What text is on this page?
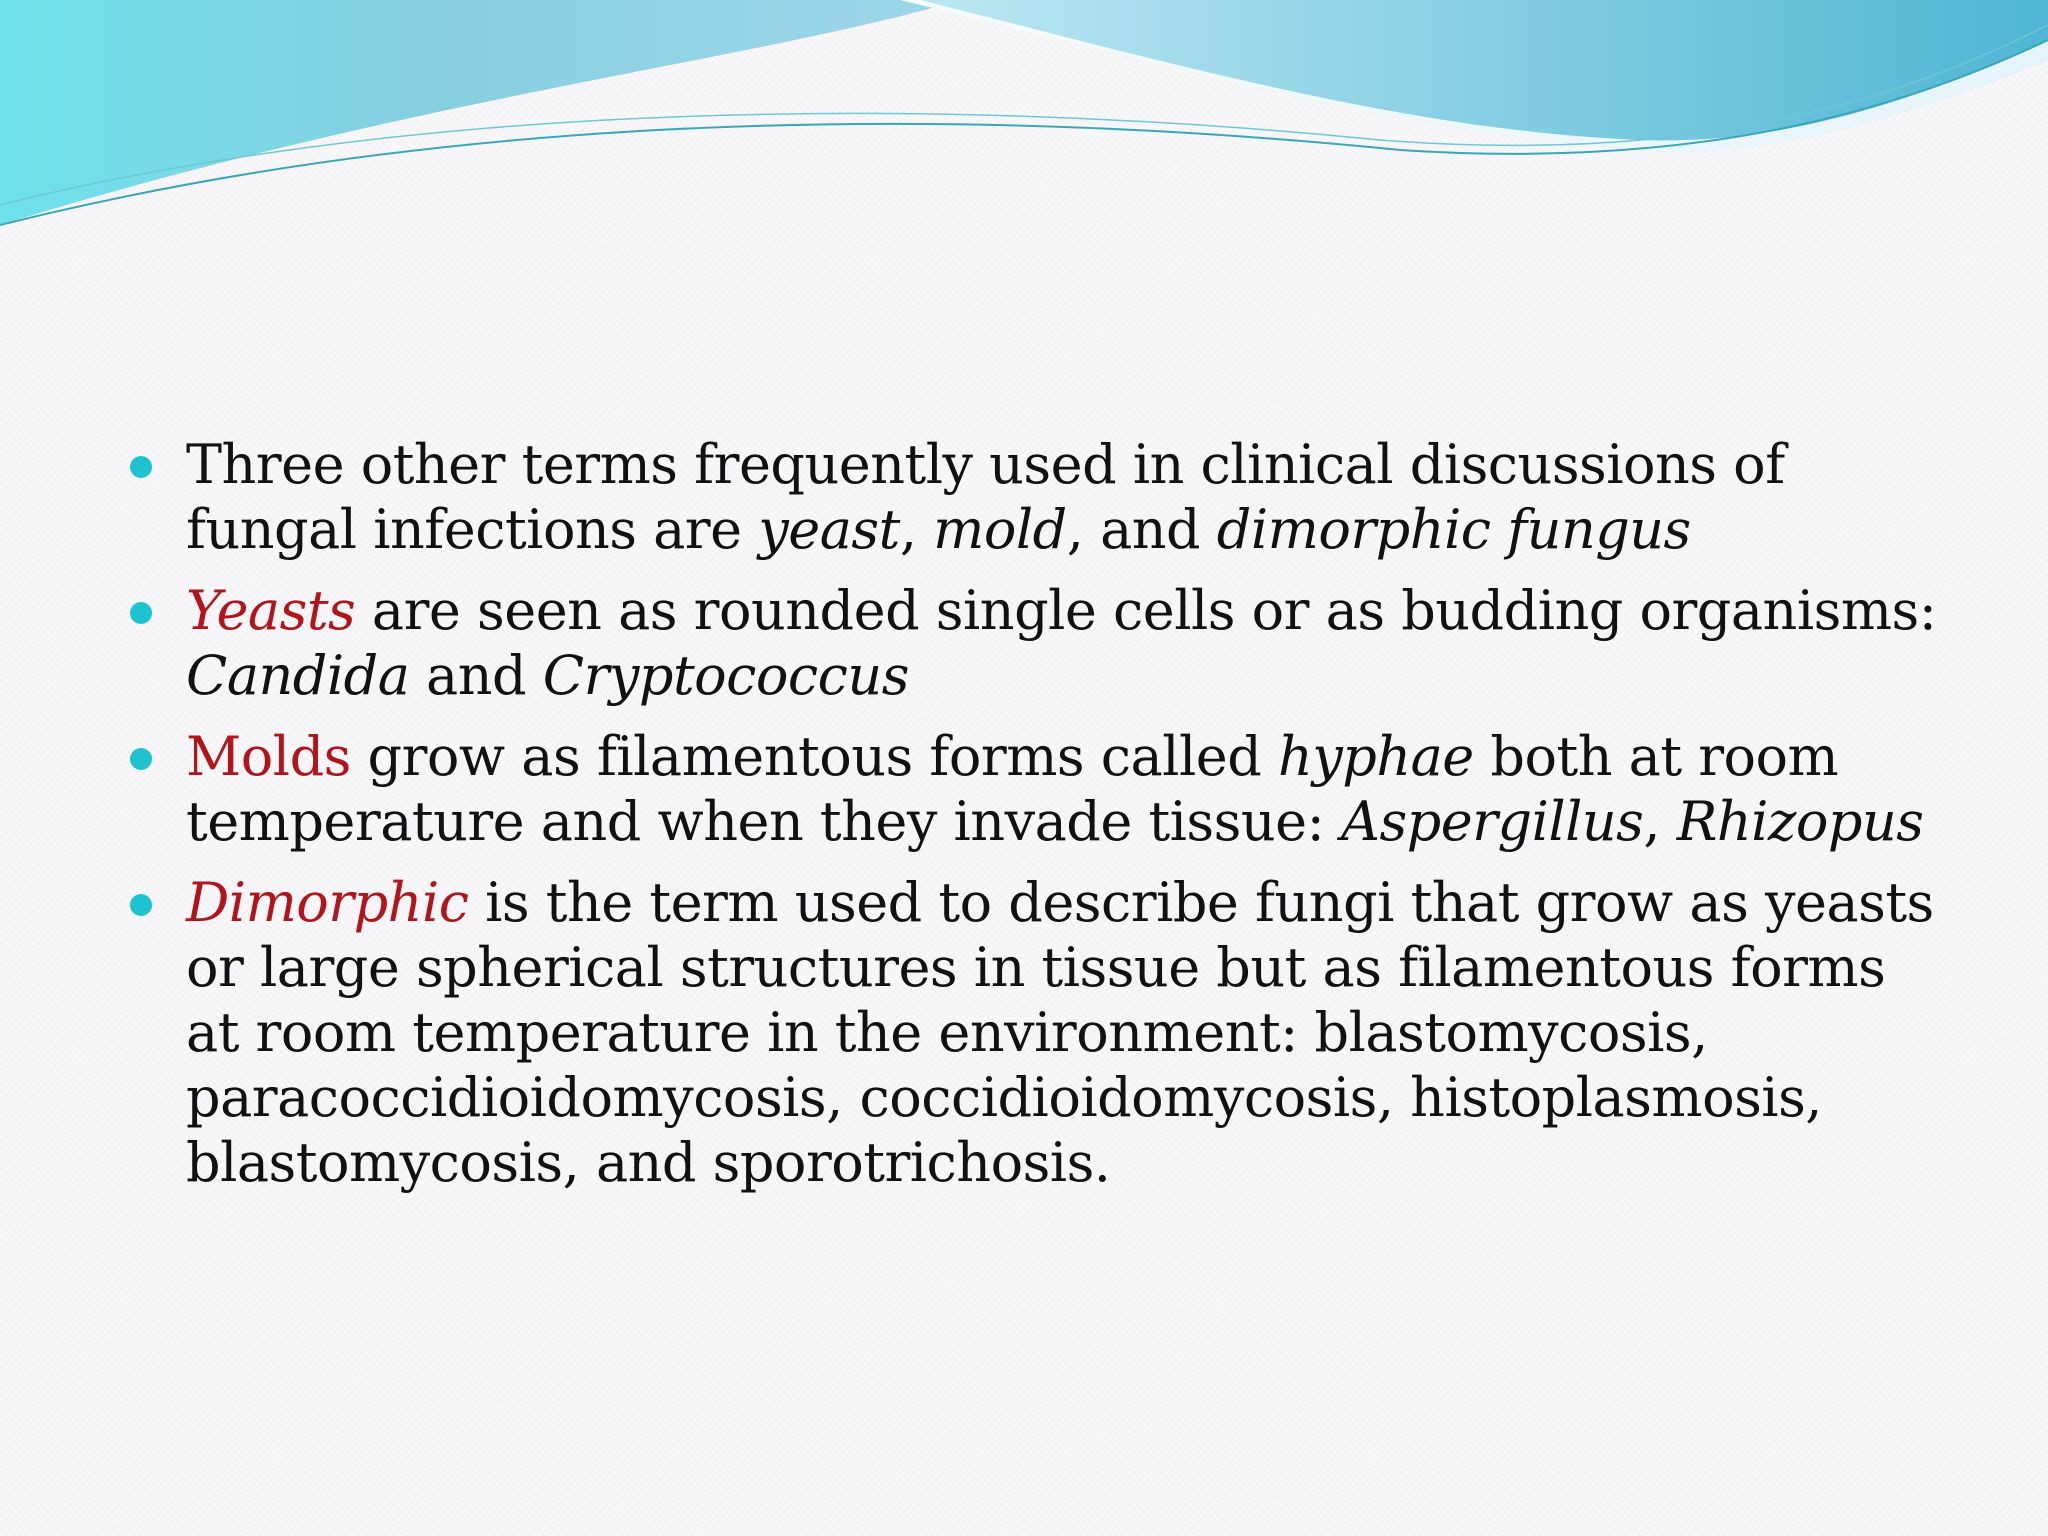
Three other terms frequently used in clinical discussions of fungal infections are yeast, mold, and dimorphic fungus
Yeasts are seen as rounded single cells or as budding organisms: Candida and Cryptococcus
Molds grow as filamentous forms called hyphae both at room temperature and when they invade tissue: Aspergillus, Rhizopus
Dimorphic is the term used to describe fungi that grow as yeasts or large spherical structures in tissue but as filamentous forms at room temperature in the environment: blastomycosis, paracoccidioidomycosis, coccidioidomycosis, histoplasmosis, blastomycosis, and sporotrichosis.
